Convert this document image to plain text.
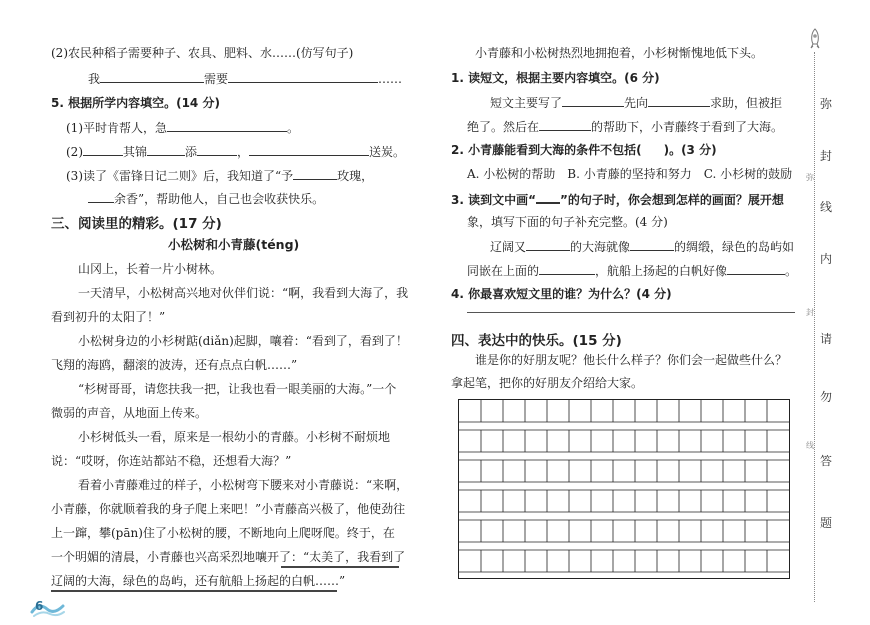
(2)农民种稻子需要种子、农具、肥料、水……(仿写句子)
我	需要	……
5. 根据所学内容填空。(14 分)
(1)平时肯帮人，急	。
(2)	其锦	添	，	送炭。
(3)读了《雷锋日记二则》后，我知道了“予	玫瑰，
余香”，帮助他人，自己也会收获快乐。
三、阅读里的精彩。(17 分)
小松树和小青藤(téng)
山冈上，长着一片小树林。
一天清早，小松树高兴地对伙伴们说：“啊，我看到大海了，我
看到初升的太阳了！”
小松树身边的小杉树踮(diǎn)起脚，嚷着：“看到了，看到了！
飞翔的海鸥，翻滚的波涛，还有点点白帆……”
“杉树哥哥，请您扶我一把，让我也看一眼美丽的大海。”一个
微弱的声音，从地面上传来。
小杉树低头一看，原来是一根幼小的青藤。小杉树不耐烦地
说：“哎呀，你连站都站不稳，还想看大海？”
看着小青藤难过的样子，小松树弯下腰来对小青藤说：“来啊，
小青藤，你就顺着我的身子爬上来吧！”小青藤高兴极了，他使劲往
上一蹿，攀(pān)住了小松树的腰，不断地向上爬呀爬。终于，在
一个明媚的清晨，小青藤也兴高采烈地嚷开了：“太美了，我看到了
辽阔的大海，绿色的岛屿，还有航船上扬起的白帆……”
6
小青藤和小松树热烈地拥抱着，小杉树惭愧地低下头。
1. 读短文，根据主要内容填空。(6 分)
短文主要写了	先向	求助，但被拒
绝了。然后在	的帮助下，小青藤终于看到了大海。
2. 小青藤能看到大海的条件不包括( )。(3 分)
A. 小松树的帮助　B. 小青藤的坚持和努力　C. 小杉树的鼓励
3. 读到文中画“ ”的句子时，你会想到怎样的画面？展开想
象，填写下面的句子补充完整。(4 分)
辽阔又	的大海就像	的绸缎，绿色的岛屿如
同嵌在上面的	，航船上扬起的白帆好像	。
4. 你最喜欢短文里的谁？为什么？(4 分)
四、表达中的快乐。(15 分)
谁是你的好朋友呢？他长什么样子？你们会一起做些什么？
拿起笔，把你的好朋友介绍给大家。
弥
封
线
内
请
勿
答
题
弥
封
线
